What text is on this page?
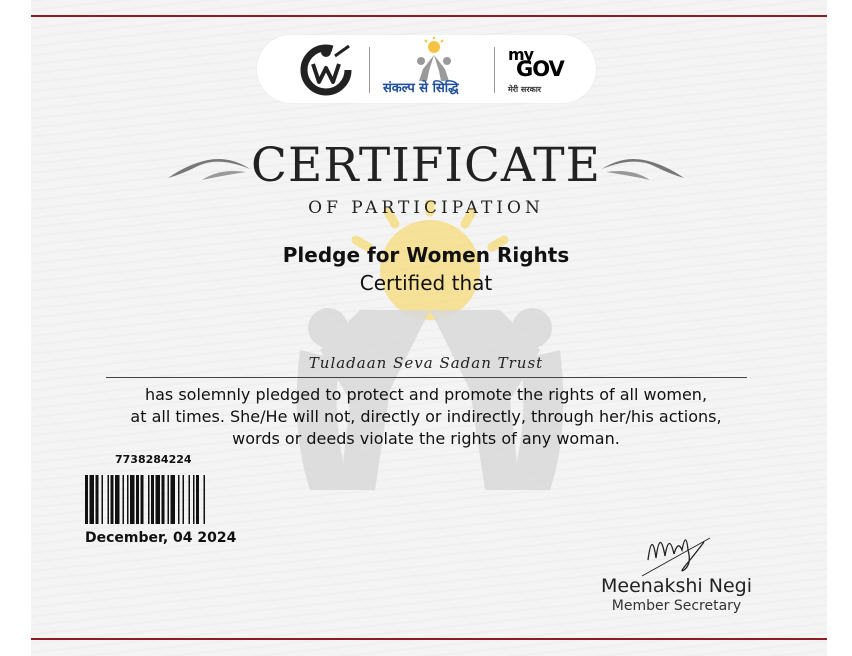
संकल्प से सिद्धि
my
GOV
मेरी सरकार
CERTIFICATE
OF PARTICIPATION
Pledge for Women Rights
Certified that
Tuladaan Seva Sadan Trust
has solemnly pledged to protect and promote the rights of all women,
at all times. She/He will not, directly or indirectly, through her/his actions,
words or deeds violate the rights of any woman.
7738284224
December, 04 2024
Meenakshi Negi
Member Secretary
